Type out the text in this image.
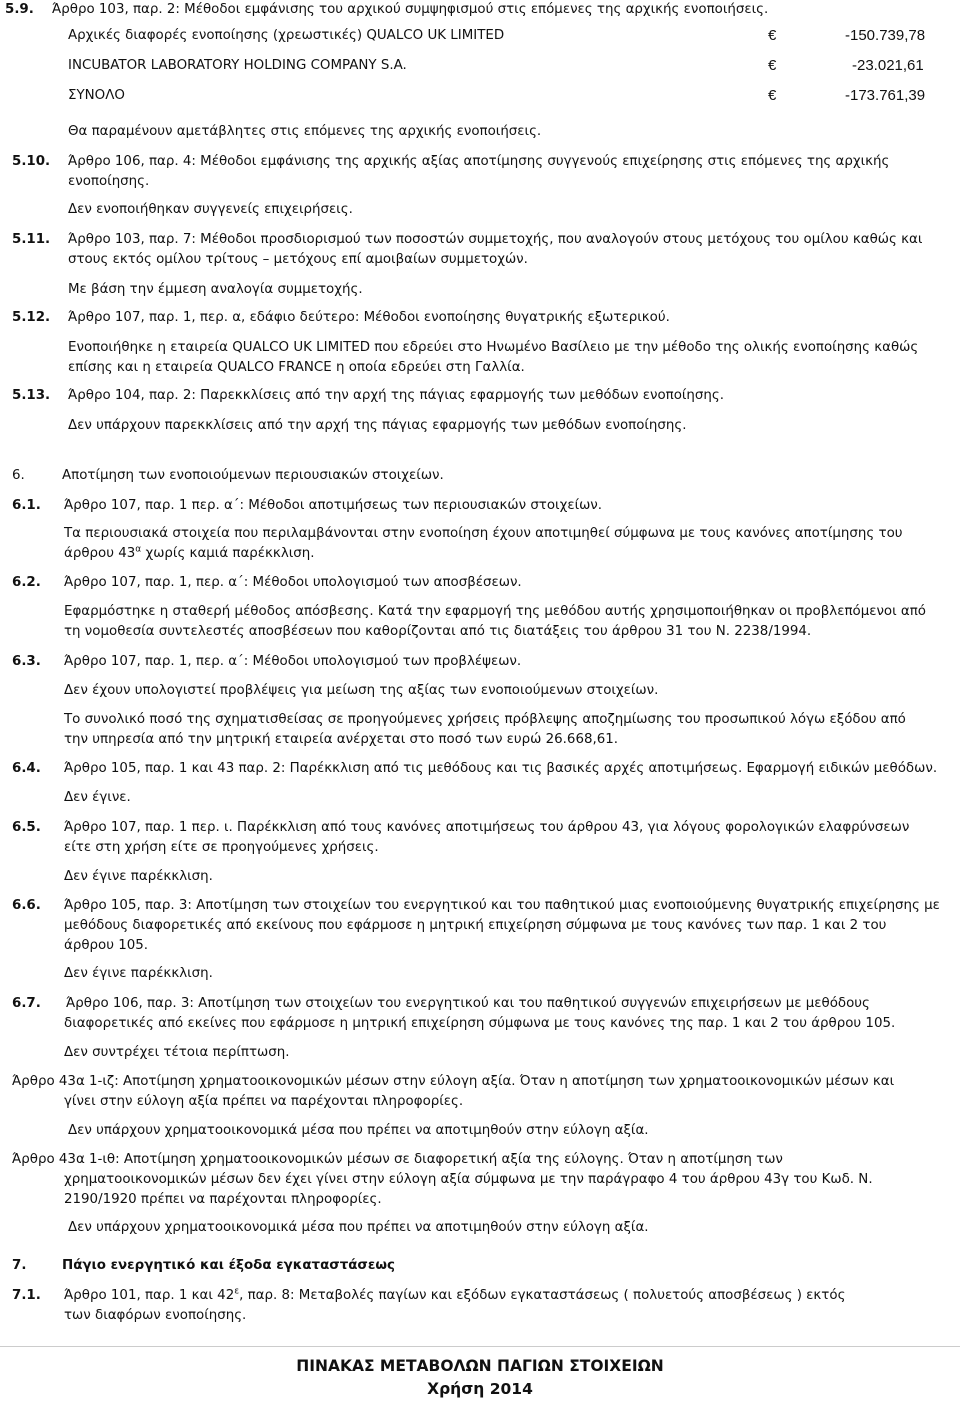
5.9. Άρθρο 103, παρ. 2: Μέθοδοι εμφάνισης του αρχικού συμψηφισμού στις επόμενες της αρχικής ενοποιήσεις.
Αρχικές διαφορές ενοποίησης (χρεωστικές) QUALCO UK LIMITED	€	-150.739,78
INCUBATOR LABORATORY HOLDING COMPANY S.A.	€	-23.021,61
ΣΥΝΟΛΟ	€	-173.761,39
Θα παραμένουν αμετάβλητες στις επόμενες της αρχικής ενοποιήσεις.
5.10. Άρθρο 106, παρ. 4: Μέθοδοι εμφάνισης της αρχικής αξίας αποτίμησης συγγενούς επιχείρησης στις επόμενες της αρχικής
ενοποίησης.
Δεν ενοποιήθηκαν συγγενείς επιχειρήσεις.
5.11. Άρθρο 103, παρ. 7: Μέθοδοι προσδιορισμού των ποσοστών συμμετοχής, που αναλογούν στους μετόχους του ομίλου καθώς και
στους εκτός ομίλου τρίτους – μετόχους επί αμοιβαίων συμμετοχών.
Με βάση την έμμεση αναλογία συμμετοχής.
5.12. Άρθρο 107, παρ. 1, περ. α, εδάφιο δεύτερο: Μέθοδοι ενοποίησης θυγατρικής εξωτερικού.
Ενοποιήθηκε η εταιρεία QUALCO UK LIMITED που εδρεύει στο Ηνωμένο Βασίλειο με την μέθοδο της ολικής ενοποίησης καθώς
επίσης και η εταιρεία QUALCO FRANCE η οποία εδρεύει στη Γαλλία.
5.13. Άρθρο 104, παρ. 2: Παρεκκλίσεις από την αρχή της πάγιας εφαρμογής των μεθόδων ενοποίησης.
Δεν υπάρχουν παρεκκλίσεις από την αρχή της πάγιας εφαρμογής των μεθόδων ενοποίησης.
6.	Αποτίμηση των ενοποιούμενων περιουσιακών στοιχείων.
6.1. Άρθρο 107, παρ. 1 περ. α΄: Μέθοδοι αποτιμήσεως των περιουσιακών στοιχείων.
Τα περιουσιακά στοιχεία που περιλαμβάνονται στην ενοποίηση έχουν αποτιμηθεί σύμφωνα με τους κανόνες αποτίμησης του
άρθρου $43^\alpha$ χωρίς καμιά παρέκκλιση.
6.2. Άρθρο 107, παρ. 1, περ. α΄: Μέθοδοι υπολογισμού των αποσβέσεων.
Εφαρμόστηκε η σταθερή μέθοδος απόσβεσης. Κατά την εφαρμογή της μεθόδου αυτής χρησιμοποιήθηκαν οι προβλεπόμενοι από
τη νομοθεσία συντελεστές αποσβέσεων που καθορίζονται από τις διατάξεις του άρθρου 31 του Ν. 2238/1994.
6.3. Άρθρο 107, παρ. 1, περ. α΄: Μέθοδοι υπολογισμού των προβλέψεων.
Δεν έχουν υπολογιστεί προβλέψεις για μείωση της αξίας των ενοποιούμενων στοιχείων.
Το συνολικό ποσό της σχηματισθείσας σε προηγούμενες χρήσεις πρόβλεψης αποζημίωσης του προσωπικού λόγω εξόδου από
την υπηρεσία από την μητρική εταιρεία ανέρχεται στο ποσό των ευρώ 26.668,61.
6.4. Άρθρο 105, παρ. 1 και 43 παρ. 2: Παρέκκλιση από τις μεθόδους και τις βασικές αρχές αποτιμήσεως. Εφαρμογή ειδικών μεθόδων.
Δεν έγινε.
6.5. Άρθρο 107, παρ. 1 περ. ι. Παρέκκλιση από τους κανόνες αποτιμήσεως του άρθρου 43, για λόγους φορολογικών ελαφρύνσεων
είτε στη χρήση είτε σε προηγούμενες χρήσεις.
Δεν έγινε παρέκκλιση.
6.6. Άρθρο 105, παρ. 3: Αποτίμηση των στοιχείων του ενεργητικού και του παθητικού μιας ενοποιούμενης θυγατρικής επιχείρησης με
μεθόδους διαφορετικές από εκείνους που εφάρμοσε η μητρική επιχείρηση σύμφωνα με τους κανόνες των παρ. 1 και 2 του
άρθρου 105.
Δεν έγινε παρέκκλιση.
6.7. Άρθρο 106, παρ. 3: Αποτίμηση των στοιχείων του ενεργητικού και του παθητικού συγγενών επιχειρήσεων με μεθόδους
διαφορετικές από εκείνες που εφάρμοσε η μητρική επιχείρηση σύμφωνα με τους κανόνες της παρ. 1 και 2 του άρθρου 105.
Δεν συντρέχει τέτοια περίπτωση.
Άρθρο 43α 1-ιζ: Αποτίμηση χρηματοοικονομικών μέσων στην εύλογη αξία. Όταν η αποτίμηση των χρηματοοικονομικών μέσων και
γίνει στην εύλογη αξία πρέπει να παρέχονται πληροφορίες.
Δεν υπάρχουν χρηματοοικονομικά μέσα που πρέπει να αποτιμηθούν στην εύλογη αξία.
Άρθρο 43α 1-ιθ: Αποτίμηση χρηματοοικονομικών μέσων σε διαφορετική αξία της εύλογης. Όταν η αποτίμηση των
χρηματοοικονομικών μέσων δεν έχει γίνει στην εύλογη αξία σύμφωνα με την παράγραφο 4 του άρθρου 43γ του Κωδ. Ν.
2190/1920 πρέπει να παρέχονται πληροφορίες.
Δεν υπάρχουν χρηματοοικονομικά μέσα που πρέπει να αποτιμηθούν στην εύλογη αξία.
7.	Πάγιο ενεργητικό και έξοδα εγκαταστάσεως
7.1. Άρθρο 101, παρ. 1 και $42^\varepsilon$, παρ. 8: Μεταβολές παγίων και εξόδων εγκαταστάσεως ( πολυετούς αποσβέσεως ) εκτός
των διαφόρων ενοποίησης.
ΠΙΝΑΚΑΣ ΜΕΤΑΒΟΛΩΝ ΠΑΓΙΩΝ ΣΤΟΙΧΕΙΩΝ
Χρήση 2014
